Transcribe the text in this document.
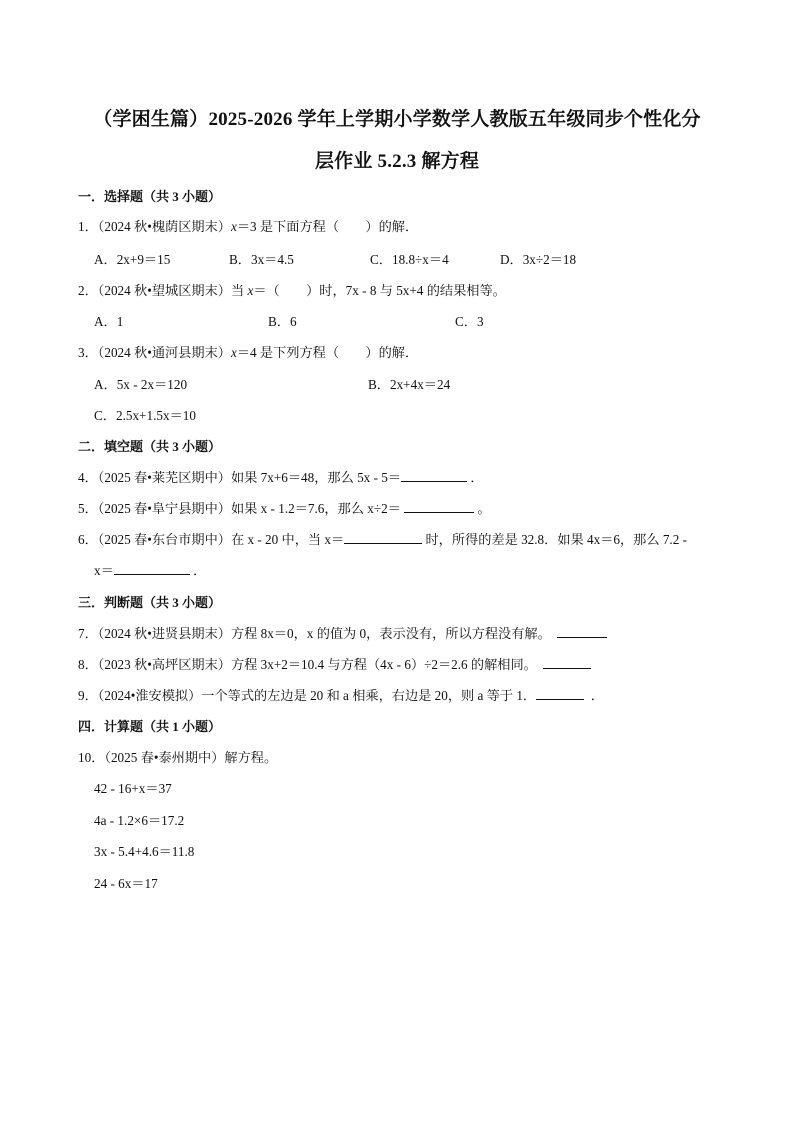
（学困生篇）2025-2026 学年上学期小学数学人教版五年级同步个性化分
层作业 5.2.3 解方程
一．选择题（共 3 小题）
1．（2024 秋•槐荫区期末）x＝3 是下面方程（　　）的解．
A．2x+9＝15	B．3x＝4.5	C．18.8÷x＝4	D．3x÷2＝18
2．（2024 秋•望城区期末）当 x＝（　　）时，7x - 8 与 5x+4 的结果相等。
A．1	B．6	C．3
3．（2024 秋•通河县期末）x＝4 是下列方程（　　）的解．
A．5x - 2x＝120	B．2x+4x＝24
C．2.5x+1.5x＝10
二．填空题（共 3 小题）
4．（2025 春•莱芜区期中）如果 7x+6＝48，那么 5x - 5＝	．
5．（2025 春•阜宁县期中）如果 x - 1.2＝7.6，那么 x÷2＝	。
6．（2025 春•东台市期中）在 x - 20 中，当 x＝	时，所得的差是 32.8．如果 4x＝6，那么 7.2 -
x＝	．
三．判断题（共 3 小题）
7．（2024 秋•进贤县期末）方程 8x＝0，x 的值为 0，表示没有，所以方程没有解。
8．（2023 秋•高坪区期末）方程 3x+2＝10.4 与方程（4x - 6）÷2＝2.6 的解相同。
9．（2024•淮安模拟）一个等式的左边是 20 和 a 相乘，右边是 20，则 a 等于 1．	．
四．计算题（共 1 小题）
10．（2025 春•泰州期中）解方程。
42 - 16+x＝37
4a - 1.2×6＝17.2
3x - 5.4+4.6＝11.8
24 - 6x＝17
